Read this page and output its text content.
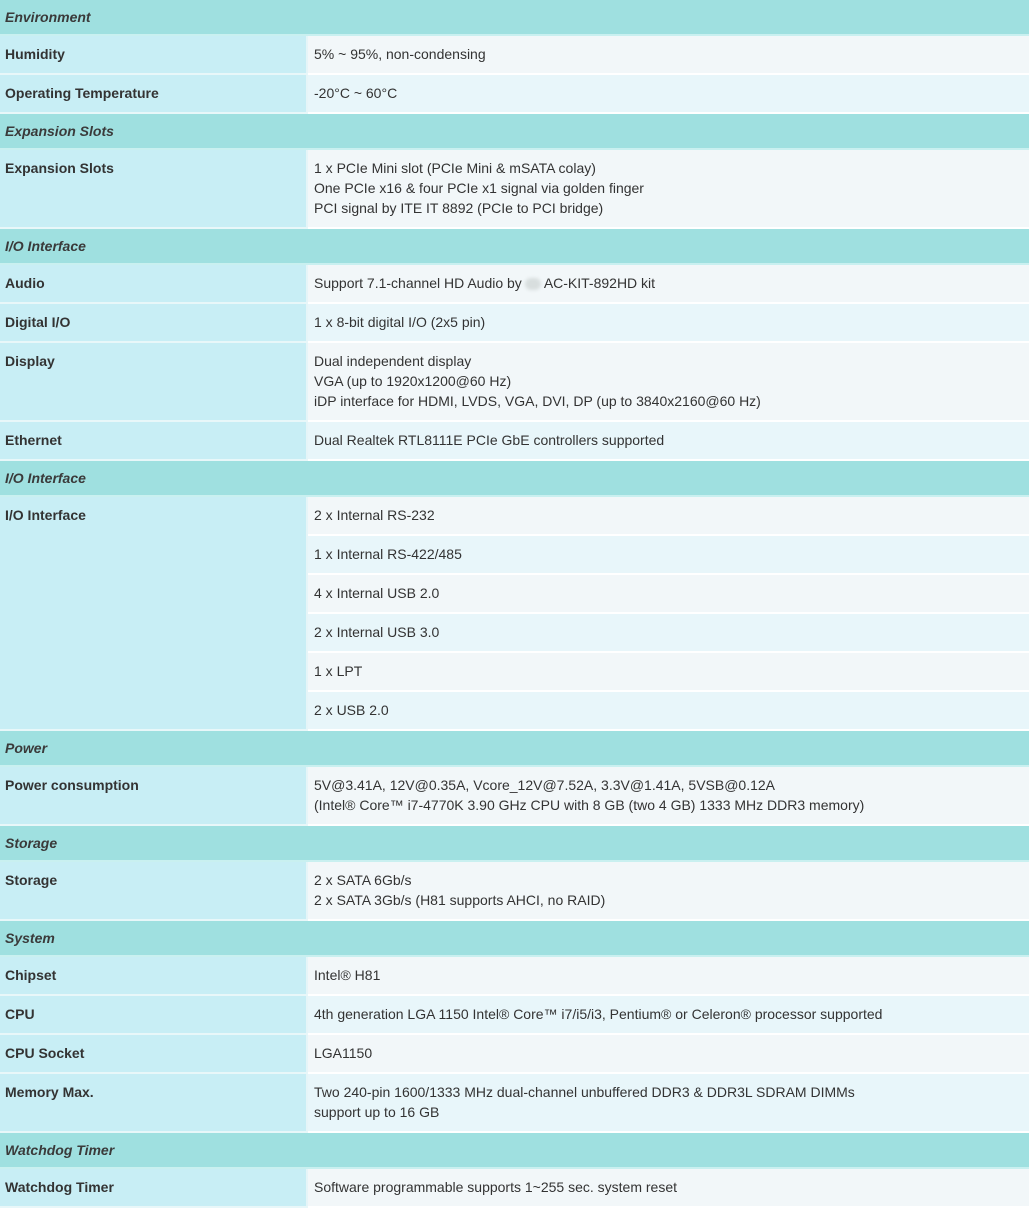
Environment	
Humidity	5% ~ 95%, non-condensing

Operating Temperature	-20°C ~ 60°C

Expansion Slots	
Expansion Slots	1 x PCIe Mini slot (PCIe Mini & mSATA colay)
One PCIe x16 & four PCIe x1 signal via golden finger
PCI signal by ITE IT 8892 (PCIe to PCI bridge)

I/O Interface	
Audio	Support 7.1-channel HD Audio by AC-KIT-892HD kit

Digital I/O	1 x 8-bit digital I/O (2x5 pin)

Display	Dual independent display
VGA (up to 1920x1200@60 Hz)
iDP interface for HDMI, LVDS, VGA, DVI, DP (up to 3840x2160@60 Hz)

Ethernet	Dual Realtek RTL8111E PCIe GbE controllers supported

I/O Interface	
I/O Interface	2 x Internal RS-232

	1 x Internal RS-422/485

	4 x Internal USB 2.0

	2 x Internal USB 3.0

	1 x LPT

	2 x USB 2.0

Power	
Power consumption	5V@3.41A, 12V@0.35A, Vcore_12V@7.52A, 3.3V@1.41A, 5VSB@0.12A
(Intel® Core™ i7-4770K 3.90 GHz CPU with 8 GB (two 4 GB) 1333 MHz DDR3 memory)

Storage	
Storage	2 x SATA 6Gb/s
2 x SATA 3Gb/s (H81 supports AHCI, no RAID)

System	
Chipset	Intel® H81

CPU	4th generation LGA 1150 Intel® Core™ i7/i5/i3, Pentium® or Celeron® processor supported

CPU Socket	LGA1150

Memory Max.	Two 240-pin 1600/1333 MHz dual-channel unbuffered DDR3 & DDR3L SDRAM DIMMs
support up to 16 GB

Watchdog Timer	
Watchdog Timer	Software programmable supports 1~255 sec. system reset
